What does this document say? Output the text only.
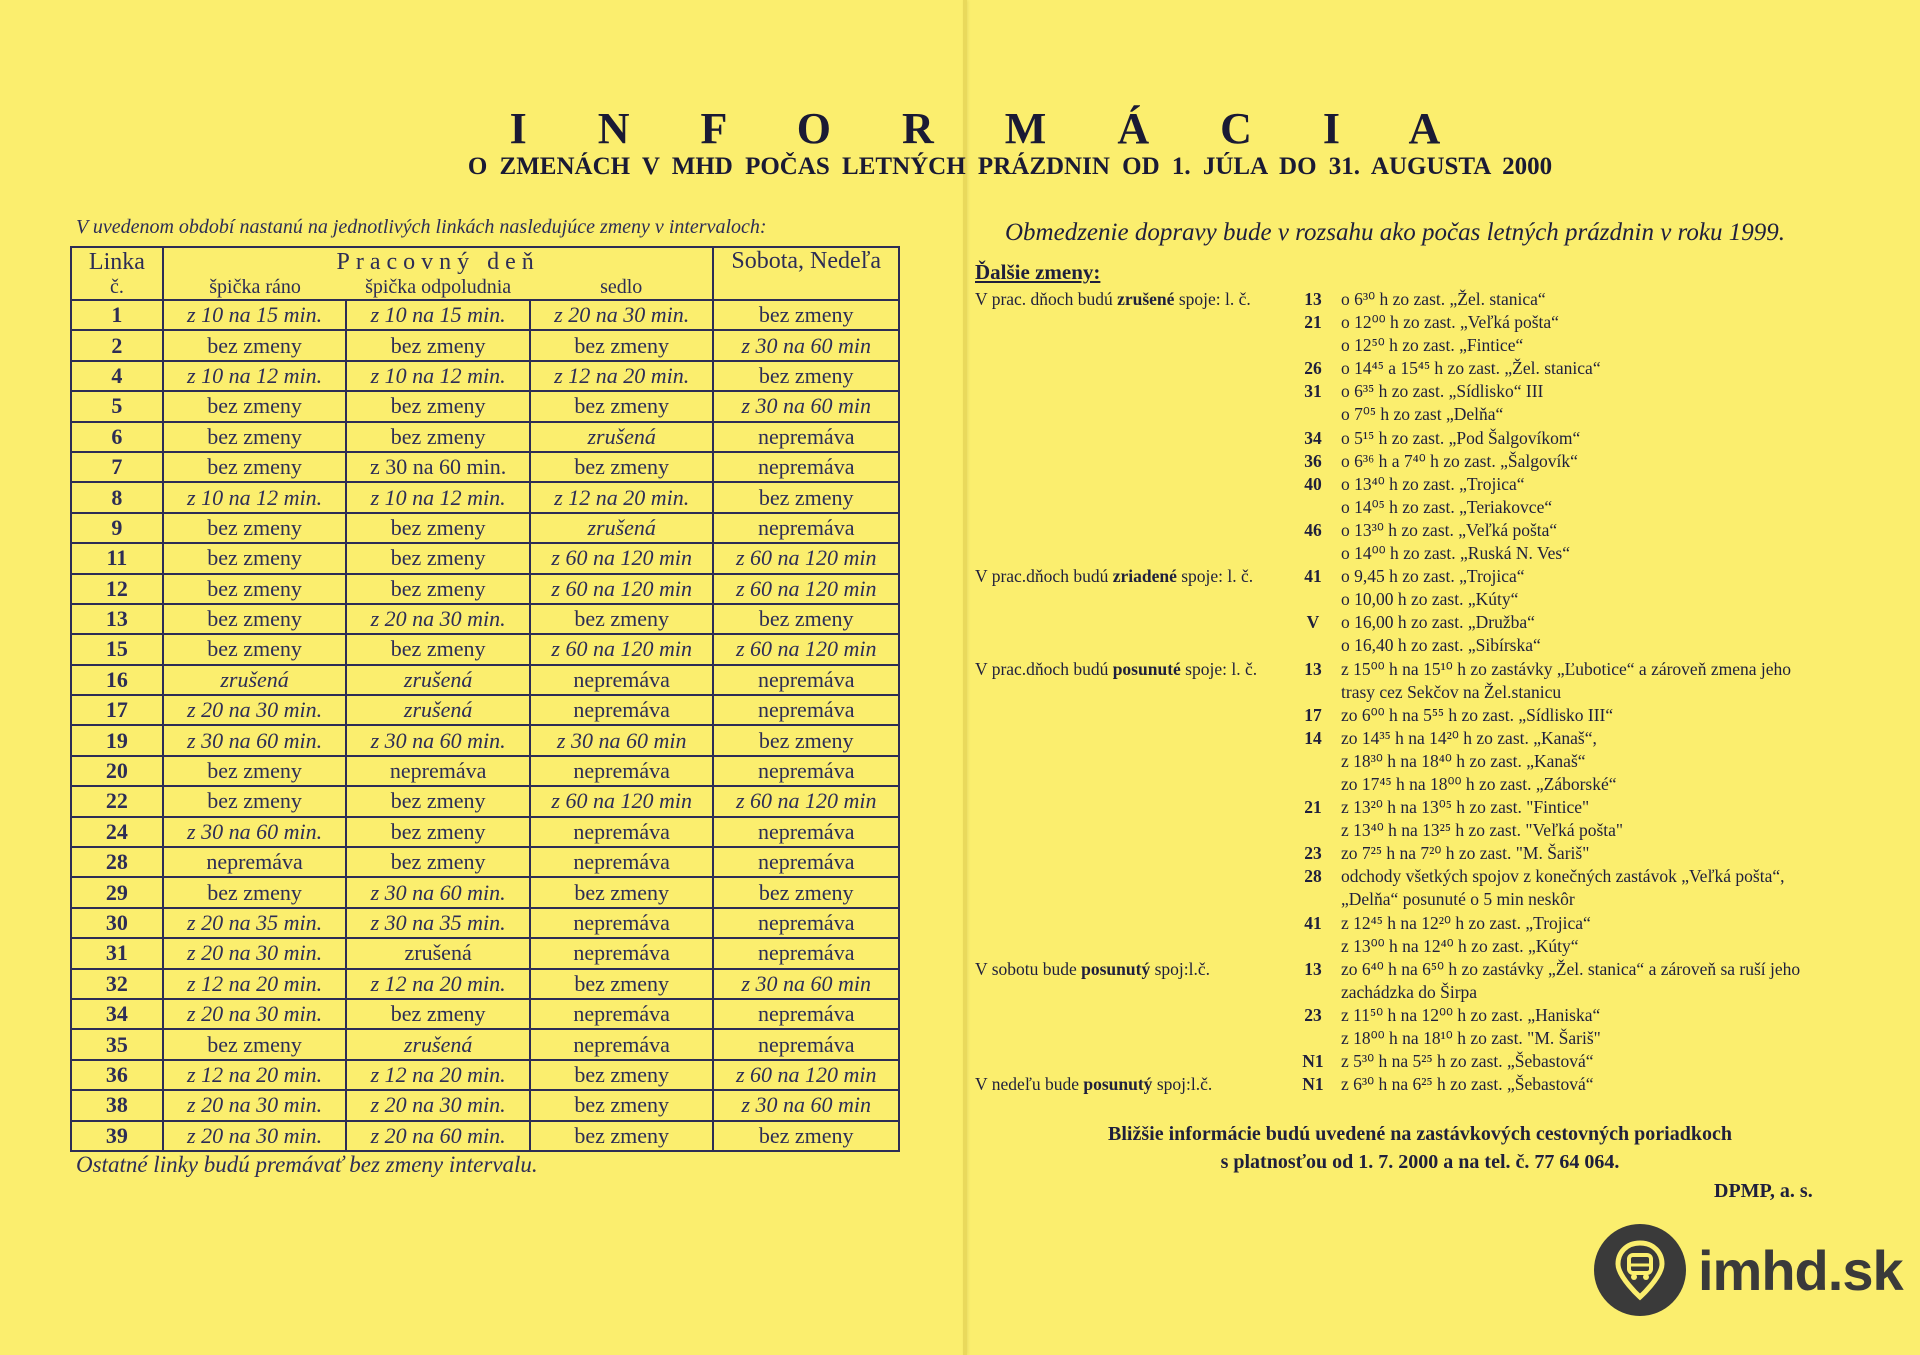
I N F O R M Á C I A
O ZMENÁCH V MHD POČAS LETNÝCH PRÁZDNIN OD 1. JÚLA DO 31. AUGUSTA 2000
V uvedenom období nastanú na jednotlivých linkách nasledujúce zmeny v intervaloch:
Linka	Pracovný deň			Sobota, Nedeľa
č.	špička ráno	špička odpoludnia	sedlo	
1	z 10 na 15 min.	z 10 na 15 min.	z 20 na 30 min.	bez zmeny
2	bez zmeny	bez zmeny	bez zmeny	z 30 na 60 min
4	z 10 na 12 min.	z 10 na 12 min.	z 12 na 20 min.	bez zmeny
5	bez zmeny	bez zmeny	bez zmeny	z 30 na 60 min
6	bez zmeny	bez zmeny	zrušená	nepremáva
7	bez zmeny	z 30 na 60 min.	bez zmeny	nepremáva
8	z 10 na 12 min.	z 10 na 12 min.	z 12 na 20 min.	bez zmeny
9	bez zmeny	bez zmeny	zrušená	nepremáva
11	bez zmeny	bez zmeny	z 60 na 120 min	z 60 na 120 min
12	bez zmeny	bez zmeny	z 60 na 120 min	z 60 na 120 min
13	bez zmeny	z 20 na 30 min.	bez zmeny	bez zmeny
15	bez zmeny	bez zmeny	z 60 na 120 min	z 60 na 120 min
16	zrušená	zrušená	nepremáva	nepremáva
17	z 20 na 30 min.	zrušená	nepremáva	nepremáva
19	z 30 na 60 min.	z 30 na 60 min.	z 30 na 60 min	bez zmeny
20	bez zmeny	nepremáva	nepremáva	nepremáva
22	bez zmeny	bez zmeny	z 60 na 120 min	z 60 na 120 min
24	z 30 na 60 min.	bez zmeny	nepremáva	nepremáva
28	nepremáva	bez zmeny	nepremáva	nepremáva
29	bez zmeny	z 30 na 60 min.	bez zmeny	bez zmeny
30	z 20 na 35 min.	z 30 na 35 min.	nepremáva	nepremáva
31	z 20 na 30 min.	zrušená	nepremáva	nepremáva
32	z 12 na 20 min.	z 12 na 20 min.	bez zmeny	z 30 na 60 min
34	z 20 na 30 min.	bez zmeny	nepremáva	nepremáva
35	bez zmeny	zrušená	nepremáva	nepremáva
36	z 12 na 20 min.	z 12 na 20 min.	bez zmeny	z 60 na 120 min
38	z 20 na 30 min.	z 20 na 30 min.	bez zmeny	z 30 na 60 min
39	z 20 na 30 min.	z 20 na 60 min.	bez zmeny	bez zmeny
Ostatné linky budú premávať bez zmeny intervalu.
Obmedzenie dopravy bude v rozsahu ako počas letných prázdnin v roku 1999.
Ďalšie zmeny:
V prac. dňoch budú zrušené spoje: l. č.	13	o 6³⁰ h zo zast. „Žel. stanica“
21	o 12⁰⁰ h zo zast. „Veľká pošta“
o 12⁵⁰ h zo zast. „Fintice“
26	o 14⁴⁵ a 15⁴⁵ h zo zast. „Žel. stanica“
31	o 6³⁵ h zo zast. „Sídlisko“ III
o 7⁰⁵ h zo zast „Delňa“
34	o 5¹⁵ h zo zast. „Pod Šalgovíkom“
36	o 6³⁶ h a 7⁴⁰ h zo zast. „Šalgovík“
40	o 13⁴⁰ h zo zast. „Trojica“
o 14⁰⁵ h zo zast. „Teriakovce“
46	o 13³⁰ h zo zast. „Veľká pošta“
o 14⁰⁰ h zo zast. „Ruská N. Ves“
V prac.dňoch budú zriadené spoje: l. č.	41	o 9,45 h zo zast. „Trojica“
o 10,00 h zo zast. „Kúty“
V	o 16,00 h zo zast. „Družba“
o 16,40 h zo zast. „Sibírska“
V prac.dňoch budú posunuté spoje: l. č.	13	z 15⁰⁰ h na 15¹⁰ h zo zastávky „Ľubotice“ a zároveň zmena jeho
trasy cez Sekčov na Žel.stanicu
17	zo 6⁰⁰ h na 5⁵⁵ h zo zast. „Sídlisko III“
14	zo 14³⁵ h na 14²⁰ h zo zast. „Kanaš“,
z 18³⁰ h na 18⁴⁰ h zo zast. „Kanaš“
zo 17⁴⁵ h na 18⁰⁰ h zo zast. „Záborské“
21	z 13²⁰ h na 13⁰⁵ h zo zast. "Fintice"
z 13⁴⁰ h na 13²⁵ h zo zast. "Veľká pošta"
23	zo 7²⁵ h na 7²⁰ h zo zast. "M. Šariš"
28	odchody všetkých spojov z konečných zastávok „Veľká pošta“,
„Delňa“ posunuté o 5 min neskôr
41	z 12⁴⁵ h na 12²⁰ h zo zast. „Trojica“
z 13⁰⁰ h na 12⁴⁰ h zo zast. „Kúty“
V sobotu bude posunutý spoj:l.č.	13	zo 6⁴⁰ h na 6⁵⁰ h zo zastávky „Žel. stanica“ a zároveň sa ruší jeho
zachádzka do Širpa
23	z 11⁵⁰ h na 12⁰⁰ h zo zast. „Haniska“
z 18⁰⁰ h na 18¹⁰ h zo zast. "M. Šariš"
N1 z 5³⁰ h na 5²⁵ h zo zast. „Šebastová“
V nedeľu bude posunutý spoj:l.č.	N1 z 6³⁰ h na 6²⁵ h zo zast. „Šebastová“
Bližšie informácie budú uvedené na zastávkových cestovných poriadkoch
s platnosťou od 1. 7. 2000 a na tel. č. 77 64 064.
DPMP, a. s.
imhd.sk
